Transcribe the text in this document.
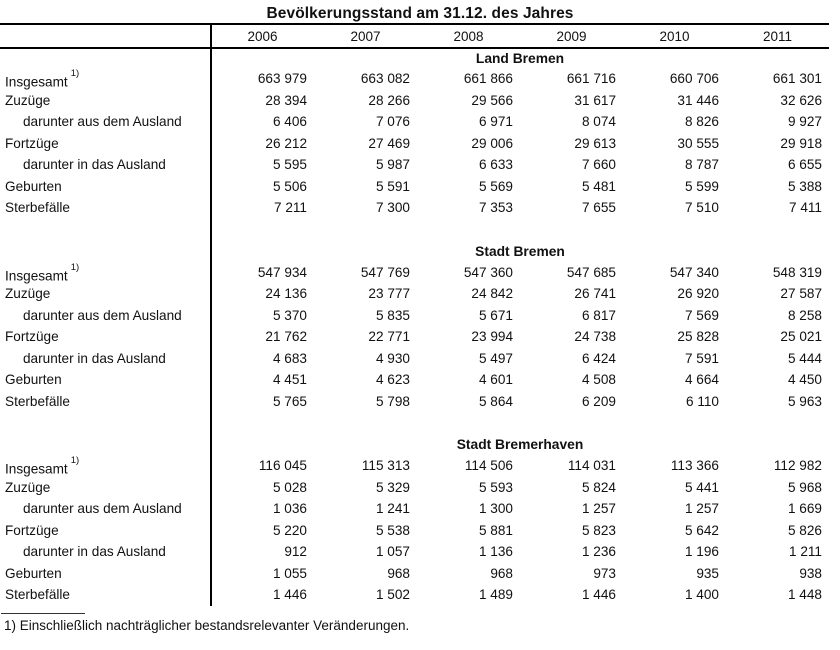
Bevölkerungsstand am 31.12. des Jahres
2006	2007	2008	2009	2010	2011
Land Bremen
Insgesamt$^{1)}$	663 979	663 082	661 866	661 716	660 706	661 301
Zuzüge	28 394	28 266	29 566	31 617	31 446	32 626
darunter aus dem Ausland	6 406	7 076	6 971	8 074	8 826	9 927
Fortzüge	26 212	27 469	29 006	29 613	30 555	29 918
darunter in das Ausland	5 595	5 987	6 633	7 660	8 787	6 655
Geburten	5 506	5 591	5 569	5 481	5 599	5 388
Sterbefälle	7 211	7 300	7 353	7 655	7 510	7 411
Stadt Bremen
Insgesamt$^{1)}$	547 934	547 769	547 360	547 685	547 340	548 319
Zuzüge	24 136	23 777	24 842	26 741	26 920	27 587
darunter aus dem Ausland	5 370	5 835	5 671	6 817	7 569	8 258
Fortzüge	21 762	22 771	23 994	24 738	25 828	25 021
darunter in das Ausland	4 683	4 930	5 497	6 424	7 591	5 444
Geburten	4 451	4 623	4 601	4 508	4 664	4 450
Sterbefälle	5 765	5 798	5 864	6 209	6 110	5 963
Stadt Bremerhaven
Insgesamt$^{1)}$	116 045	115 313	114 506	114 031	113 366	112 982
Zuzüge	5 028	5 329	5 593	5 824	5 441	5 968
darunter aus dem Ausland	1 036	1 241	1 300	1 257	1 257	1 669
Fortzüge	5 220	5 538	5 881	5 823	5 642	5 826
darunter in das Ausland	912	1 057	1 136	1 236	1 196	1 211
Geburten	1 055	968	968	973	935	938
Sterbefälle	1 446	1 502	1 489	1 446	1 400	1 448
1) Einschließlich nachträglicher bestandsrelevanter Veränderungen.
